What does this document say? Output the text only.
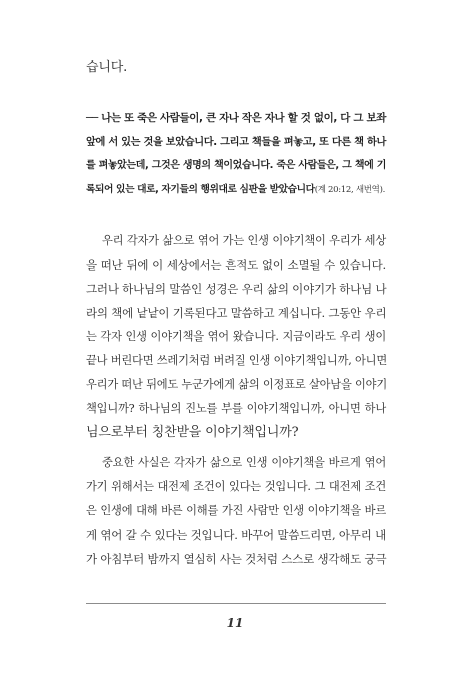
습니다.
── 나는 또 죽은 사람들이, 큰 자나 작은 자나 할 것 없이, 다 그 보좌
앞에 서 있는 것을 보았습니다. 그리고 책들을 펴놓고, 또 다른 책 하나
를 펴놓았는데, 그것은 생명의 책이었습니다. 죽은 사람들은, 그 책에 기
록되어 있는 대로, 자기들의 행위대로 심판을 받았습니다(계 20:12, 새번역).
우리 각자가 삶으로 엮어 가는 인생 이야기책이 우리가 세상
을 떠난 뒤에 이 세상에서는 흔적도 없이 소멸될 수 있습니다.
그러나 하나님의 말씀인 성경은 우리 삶의 이야기가 하나님 나
라의 책에 낱낱이 기록된다고 말씀하고 계십니다. 그동안 우리
는 각자 인생 이야기책을 엮어 왔습니다. 지금이라도 우리 생이
끝나 버린다면 쓰레기처럼 버려질 인생 이야기책입니까, 아니면
우리가 떠난 뒤에도 누군가에게 삶의 이정표로 살아남을 이야기
책입니까? 하나님의 진노를 부를 이야기책입니까, 아니면 하나
님으로부터 칭찬받을 이야기책입니까?
중요한 사실은 각자가 삶으로 인생 이야기책을 바르게 엮어
가기 위해서는 대전제 조건이 있다는 것입니다. 그 대전제 조건
은 인생에 대해 바른 이해를 가진 사람만 인생 이야기책을 바르
게 엮어 갈 수 있다는 것입니다. 바꾸어 말씀드리면, 아무리 내
가 아침부터 밤까지 열심히 사는 것처럼 스스로 생각해도 궁극
11
